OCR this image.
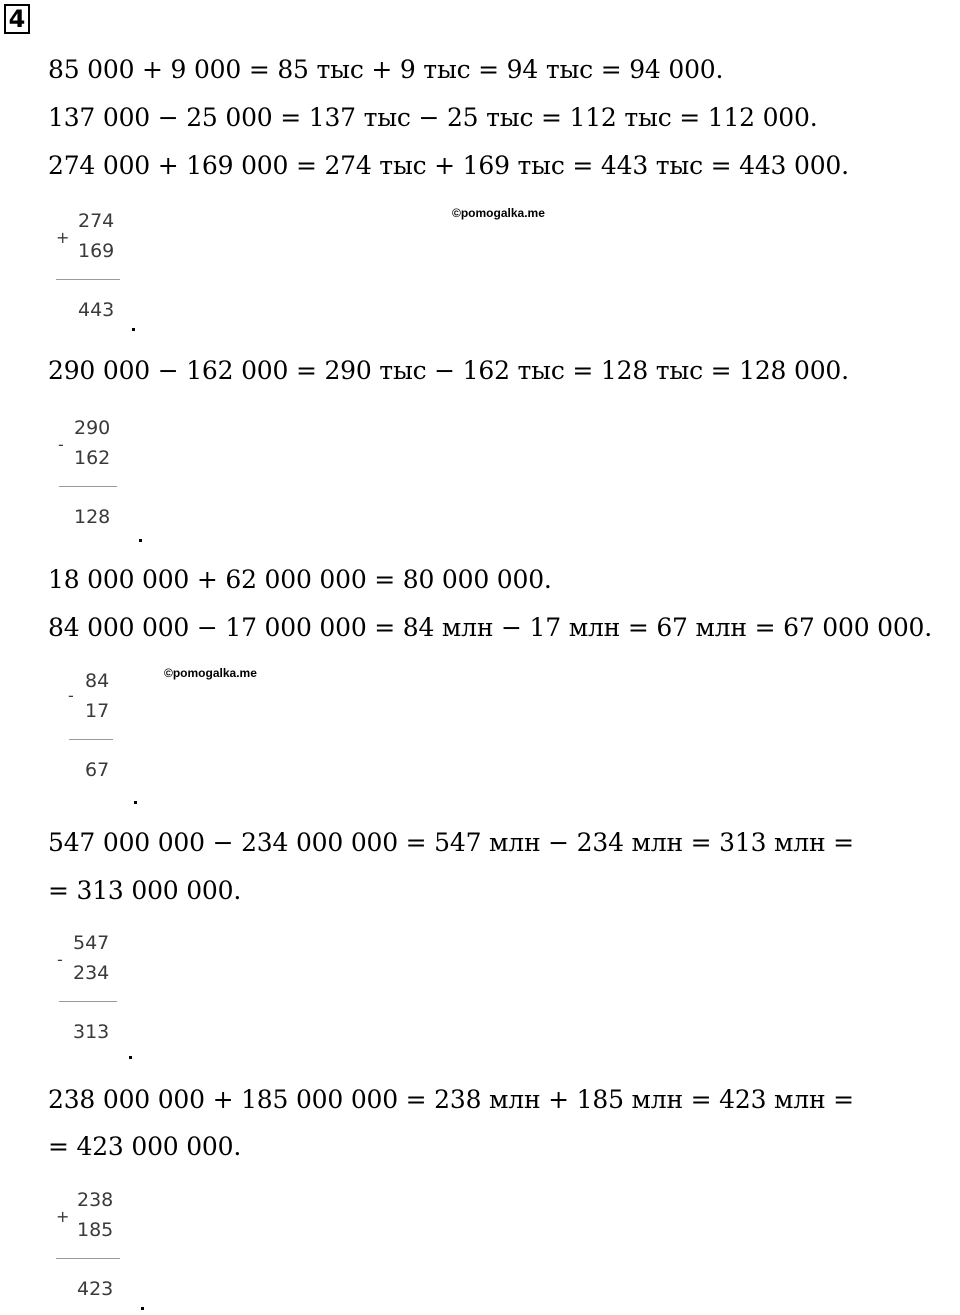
4
85 000 + 9 000 = 85 тыс + 9 тыс = 94 тыс = 94 000.
137 000 − 25 000 = 137 тыс − 25 тыс = 112 тыс = 112 000.
274 000 + 169 000 = 274 тыс + 169 тыс = 443 тыс = 443 000.
290 000 − 162 000 = 290 тыс − 162 тыс = 128 тыс = 128 000.
18 000 000 + 62 000 000 = 80 000 000.
84 000 000 − 17 000 000 = 84 млн − 17 млн = 67 млн = 67 000 000.
547 000 000 − 234 000 000 = 547 млн − 234 млн = 313 млн =
= 313 000 000.
238 000 000 + 185 000 000 = 238 млн + 185 млн = 423 млн =
= 423 000 000.
©pomogalka.me
©pomogalka.me
+
274
169
443
-
290
162
128
-
84
17
67
-
547
234
313
+
238
185
423
